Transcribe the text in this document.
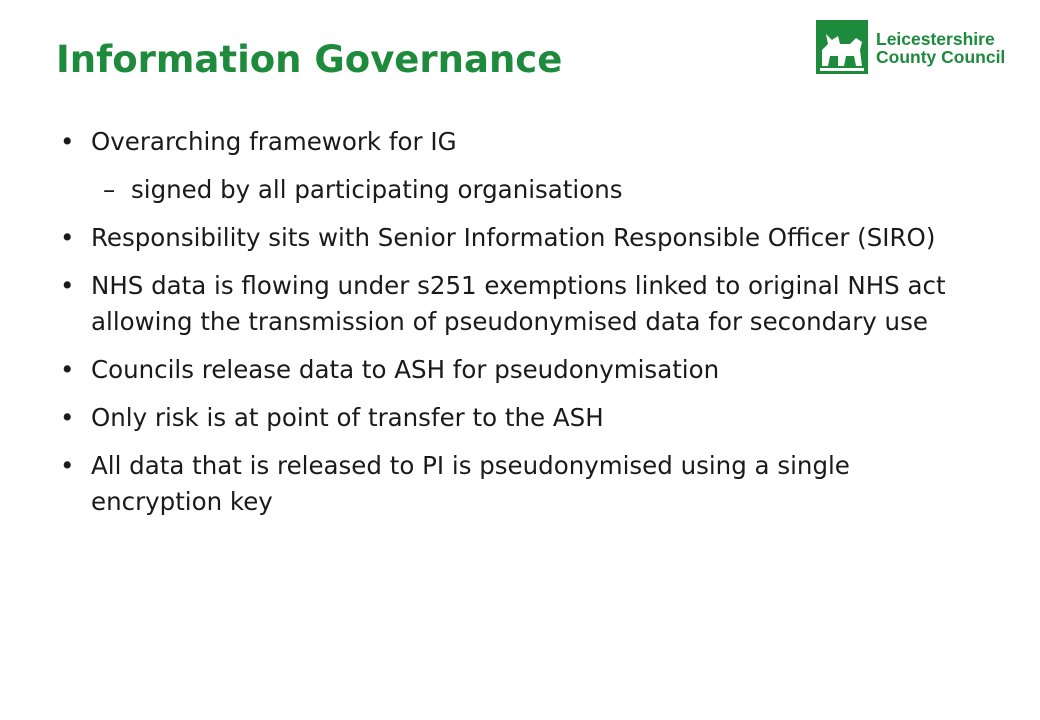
Information Governance	Leicestershire
County Council
• Overarching framework for IG
– signed by all participating organisations
• Responsibility sits with Senior Information Responsible Officer (SIRO)
• NHS data is flowing under s251 exemptions linked to original NHS act allowing the transmission of pseudonymised data for secondary use
• Councils release data to ASH for pseudonymisation
• Only risk is at point of transfer to the ASH
• All data that is released to PI is pseudonymised using a single encryption key
